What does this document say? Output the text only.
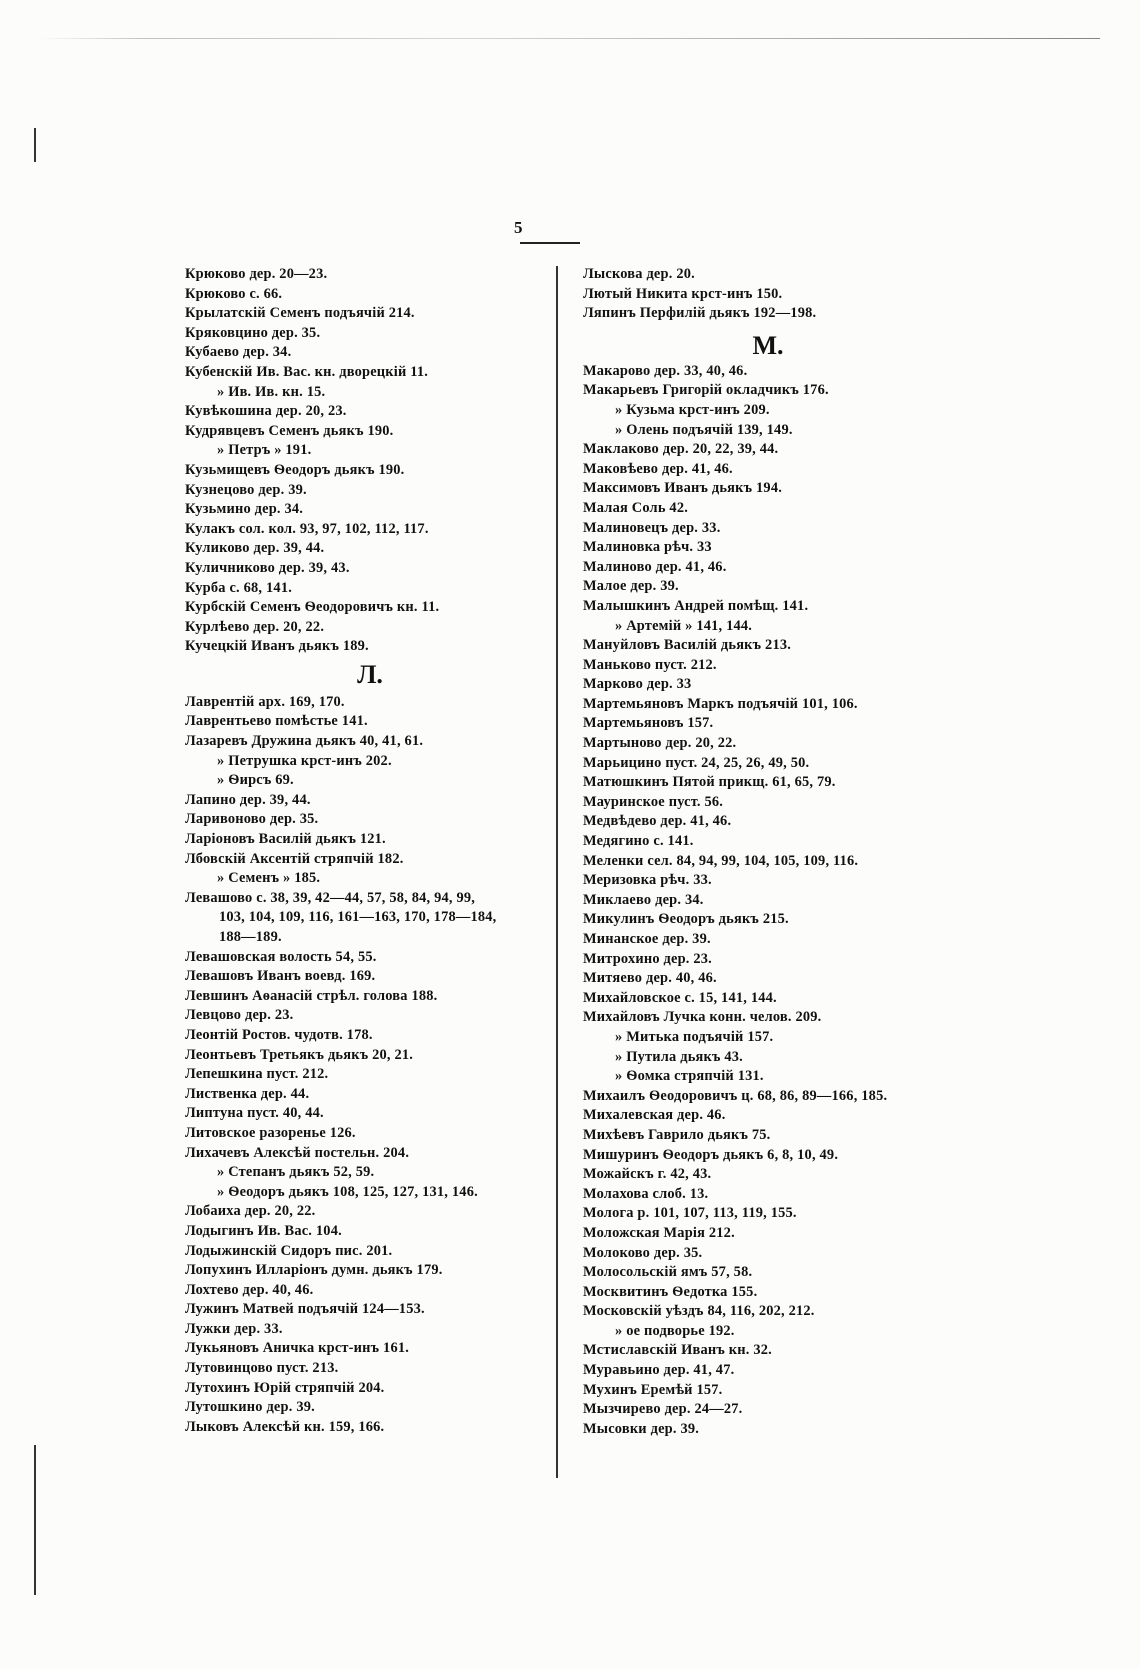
5
Крюково дер. 20—23.
Крюково с. 66.
Крылатскій Семенъ подъячій 214.
Кряковцино дер. 35.
Кубаево дер. 34.
Кубенскій Ив. Вас. кн. дворецкій 11.
» Ив. Ив. кн. 15.
Кувѣкошина дер. 20, 23.
Кудрявцевъ Семенъ дьякъ 190.
» Петръ » 191.
Кузьмищевъ Ѳеодоръ дьякъ 190.
Кузнецово дер. 39.
Кузьмино дер. 34.
Кулакъ сол. кол. 93, 97, 102, 112, 117.
Куликово дер. 39, 44.
Куличниково дер. 39, 43.
Курба с. 68, 141.
Курбскій Семенъ Ѳеодоровичъ кн. 11.
Курлѣево дер. 20, 22.
Кучецкій Иванъ дьякъ 189.
Л.
Лаврентій арх. 169, 170.
Лаврентьево помѣстье 141.
Лазаревъ Дружина дьякъ 40, 41, 61.
» Петрушка крст-инъ 202.
» Ѳирсъ 69.
Лапино дер. 39, 44.
Ларивоново дер. 35.
Ларіоновъ Василій дьякъ 121.
Лбовскій Аксентій стряпчій 182.
» Семенъ » 185.
Левашово с. 38, 39, 42—44, 57, 58, 84, 94, 99,
103, 104, 109, 116, 161—163, 170, 178—184,
188—189.
Левашовская волость 54, 55.
Левашовъ Иванъ воевд. 169.
Левшинъ Аѳанасій стрѣл. голова 188.
Левцово дер. 23.
Леонтій Ростов. чудотв. 178.
Леонтьевъ Третьякъ дьякъ 20, 21.
Лепешкина пуст. 212.
Лиственка дер. 44.
Липтуна пуст. 40, 44.
Литовское разоренье 126.
Лихачевъ Алексѣй постельн. 204.
» Степанъ дьякъ 52, 59.
» Ѳеодоръ дьякъ 108, 125, 127, 131, 146.
Лобаиха дер. 20, 22.
Лодыгинъ Ив. Вас. 104.
Лодыжинскій Сидоръ пис. 201.
Лопухинъ Илларіонъ думн. дьякъ 179.
Лохтево дер. 40, 46.
Лужинъ Матвей подъячій 124—153.
Лужки дер. 33.
Лукьяновъ Аничка крст-инъ 161.
Лутовинцово пуст. 213.
Лутохинъ Юрій стряпчій 204.
Лутошкино дер. 39.
Лыковъ Алексѣй кн. 159, 166.
Лыскова дер. 20.
Лютый Никита крст-инъ 150.
Ляпинъ Перфилій дьякъ 192—198.
М.
Макарово дер. 33, 40, 46.
Макарьевъ Григорій окладчикъ 176.
» Кузьма крст-инъ 209.
» Олень подъячій 139, 149.
Маклаково дер. 20, 22, 39, 44.
Маковѣево дер. 41, 46.
Максимовъ Иванъ дьякъ 194.
Малая Соль 42.
Малиновецъ дер. 33.
Малиновка рѣч. 33
Малиново дер. 41, 46.
Малое дер. 39.
Малышкинъ Андрей помѣщ. 141.
» Артемій » 141, 144.
Мануйловъ Василій дьякъ 213.
Маньково пуст. 212.
Марково дер. 33
Мартемьяновъ Маркъ подъячій 101, 106.
Мартемьяновъ 157.
Мартыново дер. 20, 22.
Марьицино пуст. 24, 25, 26, 49, 50.
Матюшкинъ Пятой прикщ. 61, 65, 79.
Мауринское пуст. 56.
Медвѣдево дер. 41, 46.
Медягино с. 141.
Меленки сел. 84, 94, 99, 104, 105, 109, 116.
Меризовка рѣч. 33.
Миклаево дер. 34.
Микулинъ Ѳеодоръ дьякъ 215.
Минанское дер. 39.
Митрохино дер. 23.
Митяево дер. 40, 46.
Михайловское с. 15, 141, 144.
Михайловъ Лучка конн. челов. 209.
» Митька подъячій 157.
» Путила дьякъ 43.
» Ѳомка стряпчій 131.
Михаилъ Ѳеодоровичъ ц. 68, 86, 89—166, 185.
Михалевская дер. 46.
Михѣевъ Гаврило дьякъ 75.
Мишуринъ Ѳеодоръ дьякъ 6, 8, 10, 49.
Можайскъ г. 42, 43.
Молахова слоб. 13.
Молога р. 101, 107, 113, 119, 155.
Моложская Марія 212.
Молоково дер. 35.
Молосольскій ямъ 57, 58.
Москвитинъ Ѳедотка 155.
Московскій уѣздъ 84, 116, 202, 212.
» ое подворье 192.
Мстиславскій Иванъ кн. 32.
Муравьино дер. 41, 47.
Мухинъ Еремѣй 157.
Мызчирево дер. 24—27.
Мысовки дер. 39.
